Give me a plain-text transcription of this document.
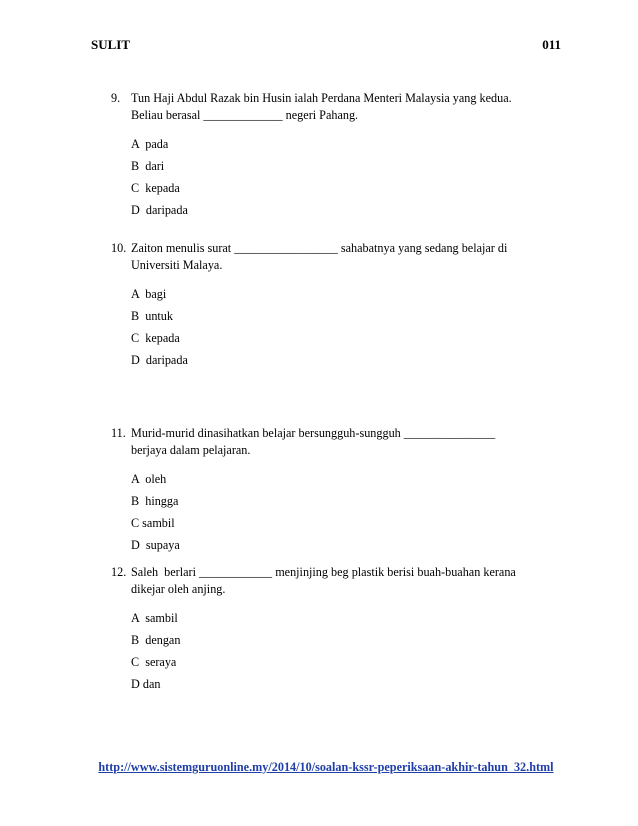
SULIT	011
9. Tun Haji Abdul Razak bin Husin ialah Perdana Menteri Malaysia yang kedua.
Beliau berasal _____________ negeri Pahang.
A  pada
B  dari
C  kepada
D  daripada
10. Zaiton menulis surat _________________ sahabatnya yang sedang belajar di
Universiti Malaya.
A  bagi
B  untuk
C  kepada
D  daripada
11. Murid-murid dinasihatkan belajar bersungguh-sungguh _______________
berjaya dalam pelajaran.
A  oleh
B  hingga
C sambil
D  supaya
12. Saleh  berlari ____________ menjinjing beg plastik berisi buah-buahan kerana
dikejar oleh anjing.
A  sambil
B  dengan
C  seraya
D dan
http://www.sistemguruonline.my/2014/10/soalan-kssr-peperiksaan-akhir-tahun_32.html
